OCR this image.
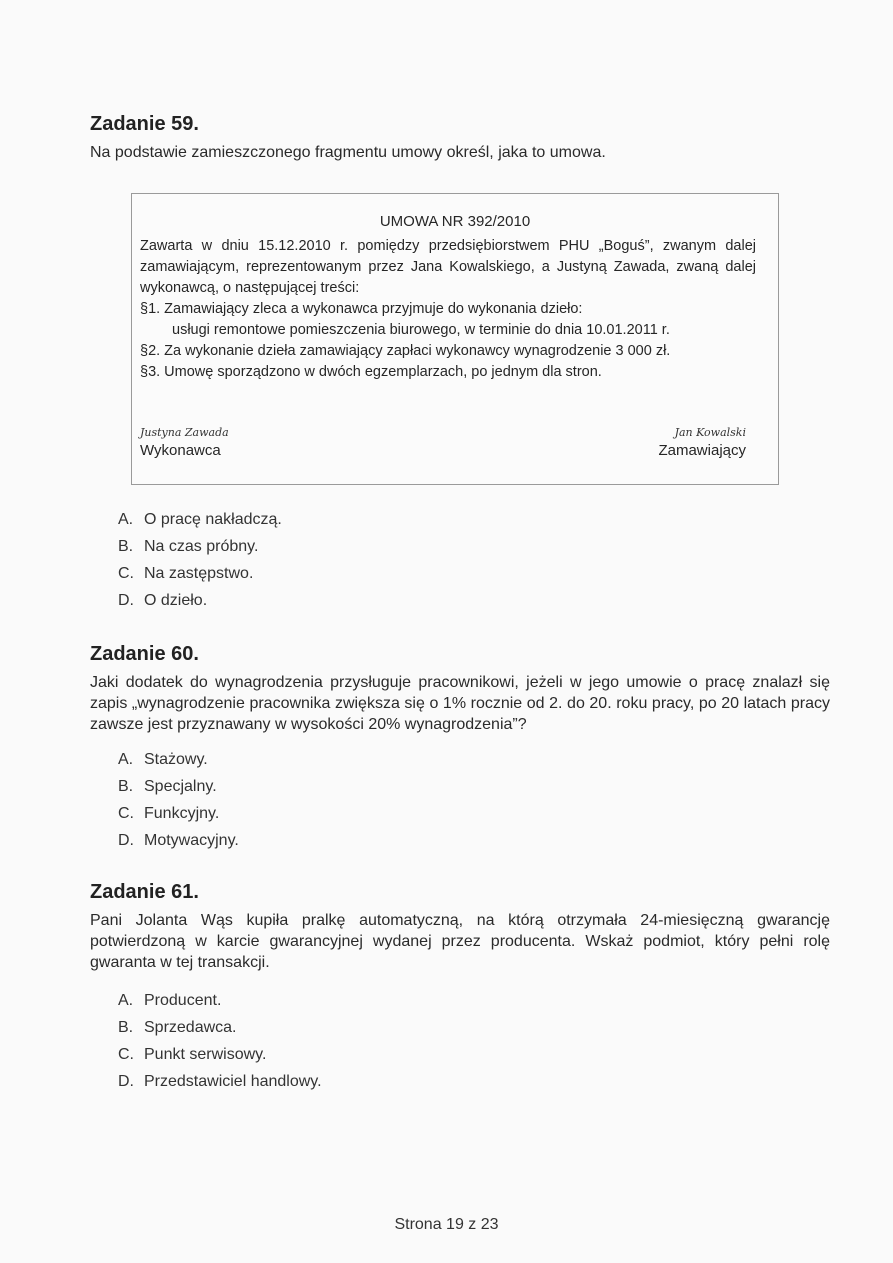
Zadanie 59.

Na podstawie zamieszczonego fragmentu umowy określ, jaka to umowa.

UMOWA NR 392/2010

Zawarta w dniu 15.12.2010 r. pomiędzy przedsiębiorstwem PHU „Boguś”, zwanym dalej zamawiającym, reprezentowanym przez Jana Kowalskiego, a Justyną Zawada, zwaną dalej wykonawcą, o następującej treści:

§1. Zamawiający zleca a wykonawca przyjmuje do wykonania dzieło:

usługi remontowe pomieszczenia biurowego, w terminie do dnia 10.01.2011 r.

§2. Za wykonanie dzieła zamawiający zapłaci wykonawcy wynagrodzenie 3 000 zł.

§3. Umowę sporządzono w dwóch egzemplarzach, po jednym dla stron.

Justyna Zawada
Wykonawca
Jan Kowalski
Zamawiający
A. O pracę nakładczą.
B. Na czas próbny.
C. Na zastępstwo.
D. O dzieło.
Zadanie 60.

Jaki dodatek do wynagrodzenia przysługuje pracownikowi, jeżeli w jego umowie o pracę znalazł się zapis „wynagrodzenie pracownika zwiększa się o 1% rocznie od 2. do 20. roku pracy, po 20 latach pracy zawsze jest przyznawany w wysokości 20% wynagrodzenia”?

A. Stażowy.
B. Specjalny.
C. Funkcyjny.
D. Motywacyjny.
Zadanie 61.

Pani Jolanta Wąs kupiła pralkę automatyczną, na którą otrzymała 24-miesięczną gwarancję potwierdzoną w karcie gwarancyjnej wydanej przez producenta. Wskaż podmiot, który pełni rolę gwaranta w tej transakcji.

A. Producent.
B. Sprzedawca.
C. Punkt serwisowy.
D. Przedstawiciel handlowy.
Strona 19 z 23
